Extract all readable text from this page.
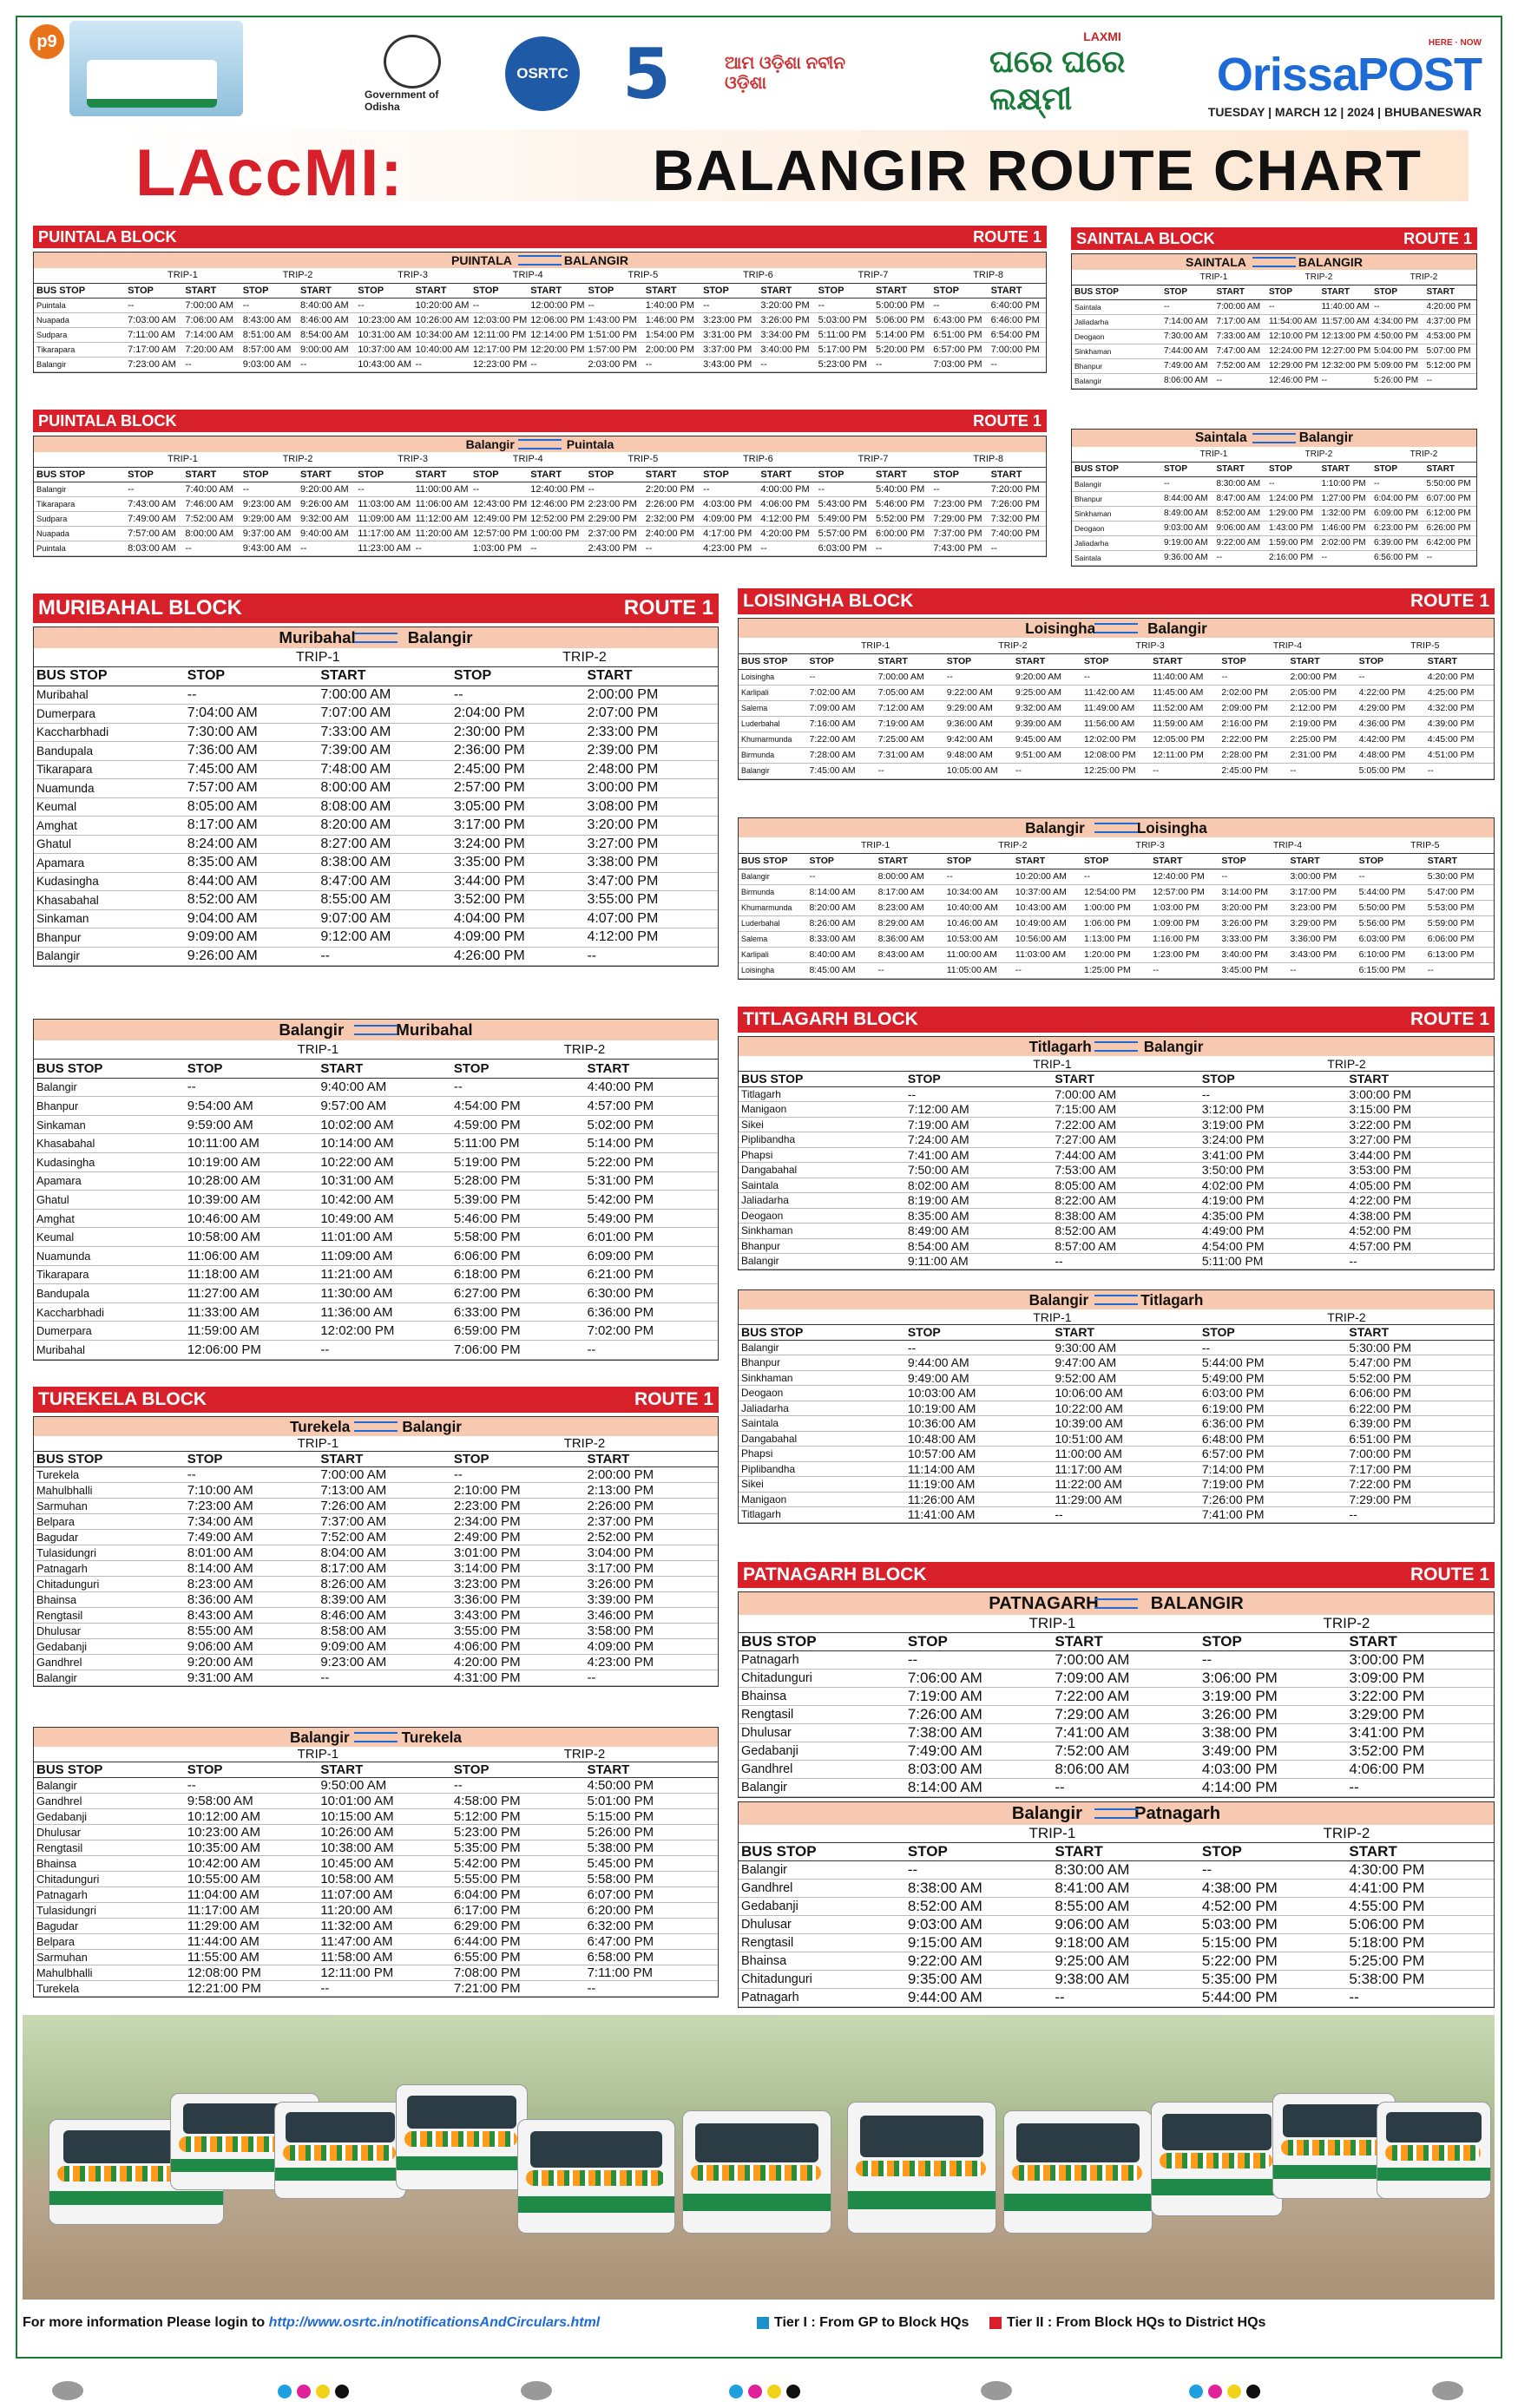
p9
Government of Odisha
OSRTC 5	ଆମ ଓଡ଼ିଶା ନବୀନ ଓଡ଼ିଶା
LAXMI
ଘରେ ଘରେ ଲକ୍ଷ୍ମୀ
HERE · NOW
OrissaPOST
TUESDAY | MARCH 12 | 2024 | BHUBANESWAR
LAccMI:	BALANGIR ROUTE CHART
PUINTALA BLOCK	ROUTE 1
PUINTALA	BALANGIR
	TRIP-1		TRIP-2		TRIP-3		TRIP-4		TRIP-5		TRIP-6		TRIP-7		TRIP-8	
BUS STOP	STOP	START	STOP	START	STOP	START	STOP	START	STOP	START	STOP	START	STOP	START	STOP	START
Puintala	--	7:00:00 AM	--	8:40:00 AM	--	10:20:00 AM	--	12:00:00 PM	--	1:40:00 PM	--	3:20:00 PM	--	5:00:00 PM	--	6:40:00 PM
Nuapada	7:03:00 AM	7:06:00 AM	8:43:00 AM	8:46:00 AM	10:23:00 AM	10:26:00 AM	12:03:00 PM	12:06:00 PM	1:43:00 PM	1:46:00 PM	3:23:00 PM	3:26:00 PM	5:03:00 PM	5:06:00 PM	6:43:00 PM	6:46:00 PM
Sudpara	7:11:00 AM	7:14:00 AM	8:51:00 AM	8:54:00 AM	10:31:00 AM	10:34:00 AM	12:11:00 PM	12:14:00 PM	1:51:00 PM	1:54:00 PM	3:31:00 PM	3:34:00 PM	5:11:00 PM	5:14:00 PM	6:51:00 PM	6:54:00 PM
Tikarapara	7:17:00 AM	7:20:00 AM	8:57:00 AM	9:00:00 AM	10:37:00 AM	10:40:00 AM	12:17:00 PM	12:20:00 PM	1:57:00 PM	2:00:00 PM	3:37:00 PM	3:40:00 PM	5:17:00 PM	5:20:00 PM	6:57:00 PM	7:00:00 PM
Balangir	7:23:00 AM	--	9:03:00 AM	--	10:43:00 AM	--	12:23:00 PM	--	2:03:00 PM	--	3:43:00 PM	--	5:23:00 PM	--	7:03:00 PM	--
PUINTALA BLOCK	ROUTE 1
Balangir	Puintala
	TRIP-1		TRIP-2		TRIP-3		TRIP-4		TRIP-5		TRIP-6		TRIP-7		TRIP-8	
BUS STOP	STOP	START	STOP	START	STOP	START	STOP	START	STOP	START	STOP	START	STOP	START	STOP	START
Balangir	--	7:40:00 AM	--	9:20:00 AM	--	11:00:00 AM	--	12:40:00 PM	--	2:20:00 PM	--	4:00:00 PM	--	5:40:00 PM	--	7:20:00 PM
Tikarapara	7:43:00 AM	7:46:00 AM	9:23:00 AM	9:26:00 AM	11:03:00 AM	11:06:00 AM	12:43:00 PM	12:46:00 PM	2:23:00 PM	2:26:00 PM	4:03:00 PM	4:06:00 PM	5:43:00 PM	5:46:00 PM	7:23:00 PM	7:26:00 PM
Sudpara	7:49:00 AM	7:52:00 AM	9:29:00 AM	9:32:00 AM	11:09:00 AM	11:12:00 AM	12:49:00 PM	12:52:00 PM	2:29:00 PM	2:32:00 PM	4:09:00 PM	4:12:00 PM	5:49:00 PM	5:52:00 PM	7:29:00 PM	7:32:00 PM
Nuapada	7:57:00 AM	8:00:00 AM	9:37:00 AM	9:40:00 AM	11:17:00 AM	11:20:00 AM	12:57:00 PM	1:00:00 PM	2:37:00 PM	2:40:00 PM	4:17:00 PM	4:20:00 PM	5:57:00 PM	6:00:00 PM	7:37:00 PM	7:40:00 PM
Puintala	8:03:00 AM	--	9:43:00 AM	--	11:23:00 AM	--	1:03:00 PM	--	2:43:00 PM	--	4:23:00 PM	--	6:03:00 PM	--	7:43:00 PM	--
SAINTALA BLOCK	ROUTE 1
SAINTALA	BALANGIR
	TRIP-1		TRIP-2		TRIP-2	
BUS STOP	STOP	START	STOP	START	STOP	START
Saintala	--	7:00:00 AM	--	11:40:00 AM	--	4:20:00 PM
Jaliadarha	7:14:00 AM	7:17:00 AM	11:54:00 AM	11:57:00 AM	4:34:00 PM	4:37:00 PM
Deogaon	7:30:00 AM	7:33:00 AM	12:10:00 PM	12:13:00 PM	4:50:00 PM	4:53:00 PM
Sinkhaman	7:44:00 AM	7:47:00 AM	12:24:00 PM	12:27:00 PM	5:04:00 PM	5:07:00 PM
Bhanpur	7:49:00 AM	7:52:00 AM	12:29:00 PM	12:32:00 PM	5:09:00 PM	5:12:00 PM
Balangir	8:06:00 AM	--	12:46:00 PM	--	5:26:00 PM	--
Saintala	Balangir
	TRIP-1		TRIP-2		TRIP-2	
BUS STOP	STOP	START	STOP	START	STOP	START
Balangir	--	8:30:00 AM	--	1:10:00 PM	--	5:50:00 PM
Bhanpur	8:44:00 AM	8:47:00 AM	1:24:00 PM	1:27:00 PM	6:04:00 PM	6:07:00 PM
Sinkhaman	8:49:00 AM	8:52:00 AM	1:29:00 PM	1:32:00 PM	6:09:00 PM	6:12:00 PM
Deogaon	9:03:00 AM	9:06:00 AM	1:43:00 PM	1:46:00 PM	6:23:00 PM	6:26:00 PM
Jaliadarha	9:19:00 AM	9:22:00 AM	1:59:00 PM	2:02:00 PM	6:39:00 PM	6:42:00 PM
Saintala	9:36:00 AM	--	2:16:00 PM	--	6:56:00 PM	--
MURIBAHAL BLOCK	ROUTE 1
Muribahal	Balangir
	TRIP-1		TRIP-2	
BUS STOP	STOP	START	STOP	START
Muribahal	--	7:00:00 AM	--	2:00:00 PM
Dumerpara	7:04:00 AM	7:07:00 AM	2:04:00 PM	2:07:00 PM
Kaccharbhadi	7:30:00 AM	7:33:00 AM	2:30:00 PM	2:33:00 PM
Bandupala	7:36:00 AM	7:39:00 AM	2:36:00 PM	2:39:00 PM
Tikarapara	7:45:00 AM	7:48:00 AM	2:45:00 PM	2:48:00 PM
Nuamunda	7:57:00 AM	8:00:00 AM	2:57:00 PM	3:00:00 PM
Keumal	8:05:00 AM	8:08:00 AM	3:05:00 PM	3:08:00 PM
Amghat	8:17:00 AM	8:20:00 AM	3:17:00 PM	3:20:00 PM
Ghatul	8:24:00 AM	8:27:00 AM	3:24:00 PM	3:27:00 PM
Apamara	8:35:00 AM	8:38:00 AM	3:35:00 PM	3:38:00 PM
Kudasingha	8:44:00 AM	8:47:00 AM	3:44:00 PM	3:47:00 PM
Khasabahal	8:52:00 AM	8:55:00 AM	3:52:00 PM	3:55:00 PM
Sinkaman	9:04:00 AM	9:07:00 AM	4:04:00 PM	4:07:00 PM
Bhanpur	9:09:00 AM	9:12:00 AM	4:09:00 PM	4:12:00 PM
Balangir	9:26:00 AM	--	4:26:00 PM	--
Balangir	Muribahal
	TRIP-1		TRIP-2	
BUS STOP	STOP	START	STOP	START
Balangir	--	9:40:00 AM	--	4:40:00 PM
Bhanpur	9:54:00 AM	9:57:00 AM	4:54:00 PM	4:57:00 PM
Sinkaman	9:59:00 AM	10:02:00 AM	4:59:00 PM	5:02:00 PM
Khasabahal	10:11:00 AM	10:14:00 AM	5:11:00 PM	5:14:00 PM
Kudasingha	10:19:00 AM	10:22:00 AM	5:19:00 PM	5:22:00 PM
Apamara	10:28:00 AM	10:31:00 AM	5:28:00 PM	5:31:00 PM
Ghatul	10:39:00 AM	10:42:00 AM	5:39:00 PM	5:42:00 PM
Amghat	10:46:00 AM	10:49:00 AM	5:46:00 PM	5:49:00 PM
Keumal	10:58:00 AM	11:01:00 AM	5:58:00 PM	6:01:00 PM
Nuamunda	11:06:00 AM	11:09:00 AM	6:06:00 PM	6:09:00 PM
Tikarapara	11:18:00 AM	11:21:00 AM	6:18:00 PM	6:21:00 PM
Bandupala	11:27:00 AM	11:30:00 AM	6:27:00 PM	6:30:00 PM
Kaccharbhadi	11:33:00 AM	11:36:00 AM	6:33:00 PM	6:36:00 PM
Dumerpara	11:59:00 AM	12:02:00 PM	6:59:00 PM	7:02:00 PM
Muribahal	12:06:00 PM	--	7:06:00 PM	--
TUREKELA BLOCK	ROUTE 1
Turekela	Balangir
	TRIP-1		TRIP-2	
BUS STOP	STOP	START	STOP	START
Turekela	--	7:00:00 AM	--	2:00:00 PM
Mahulbhalli	7:10:00 AM	7:13:00 AM	2:10:00 PM	2:13:00 PM
Sarmuhan	7:23:00 AM	7:26:00 AM	2:23:00 PM	2:26:00 PM
Belpara	7:34:00 AM	7:37:00 AM	2:34:00 PM	2:37:00 PM
Bagudar	7:49:00 AM	7:52:00 AM	2:49:00 PM	2:52:00 PM
Tulasidungri	8:01:00 AM	8:04:00 AM	3:01:00 PM	3:04:00 PM
Patnagarh	8:14:00 AM	8:17:00 AM	3:14:00 PM	3:17:00 PM
Chitadunguri	8:23:00 AM	8:26:00 AM	3:23:00 PM	3:26:00 PM
Bhainsa	8:36:00 AM	8:39:00 AM	3:36:00 PM	3:39:00 PM
Rengtasil	8:43:00 AM	8:46:00 AM	3:43:00 PM	3:46:00 PM
Dhulusar	8:55:00 AM	8:58:00 AM	3:55:00 PM	3:58:00 PM
Gedabanji	9:06:00 AM	9:09:00 AM	4:06:00 PM	4:09:00 PM
Gandhrel	9:20:00 AM	9:23:00 AM	4:20:00 PM	4:23:00 PM
Balangir	9:31:00 AM	--	4:31:00 PM	--
Balangir	Turekela
	TRIP-1		TRIP-2	
BUS STOP	STOP	START	STOP	START
Balangir	--	9:50:00 AM	--	4:50:00 PM
Gandhrel	9:58:00 AM	10:01:00 AM	4:58:00 PM	5:01:00 PM
Gedabanji	10:12:00 AM	10:15:00 AM	5:12:00 PM	5:15:00 PM
Dhulusar	10:23:00 AM	10:26:00 AM	5:23:00 PM	5:26:00 PM
Rengtasil	10:35:00 AM	10:38:00 AM	5:35:00 PM	5:38:00 PM
Bhainsa	10:42:00 AM	10:45:00 AM	5:42:00 PM	5:45:00 PM
Chitadunguri	10:55:00 AM	10:58:00 AM	5:55:00 PM	5:58:00 PM
Patnagarh	11:04:00 AM	11:07:00 AM	6:04:00 PM	6:07:00 PM
Tulasidungri	11:17:00 AM	11:20:00 AM	6:17:00 PM	6:20:00 PM
Bagudar	11:29:00 AM	11:32:00 AM	6:29:00 PM	6:32:00 PM
Belpara	11:44:00 AM	11:47:00 AM	6:44:00 PM	6:47:00 PM
Sarmuhan	11:55:00 AM	11:58:00 AM	6:55:00 PM	6:58:00 PM
Mahulbhalli	12:08:00 PM	12:11:00 PM	7:08:00 PM	7:11:00 PM
Turekela	12:21:00 PM	--	7:21:00 PM	--
LOISINGHA BLOCK	ROUTE 1
Loisingha	Balangir
	TRIP-1		TRIP-2		TRIP-3		TRIP-4		TRIP-5	
BUS STOP	STOP	START	STOP	START	STOP	START	STOP	START	STOP	START
Loisingha	--	7:00:00 AM	--	9:20:00 AM	--	11:40:00 AM	--	2:00:00 PM	--	4:20:00 PM
Karlipali	7:02:00 AM	7:05:00 AM	9:22:00 AM	9:25:00 AM	11:42:00 AM	11:45:00 AM	2:02:00 PM	2:05:00 PM	4:22:00 PM	4:25:00 PM
Salema	7:09:00 AM	7:12:00 AM	9:29:00 AM	9:32:00 AM	11:49:00 AM	11:52:00 AM	2:09:00 PM	2:12:00 PM	4:29:00 PM	4:32:00 PM
Luderbahal	7:16:00 AM	7:19:00 AM	9:36:00 AM	9:39:00 AM	11:56:00 AM	11:59:00 AM	2:16:00 PM	2:19:00 PM	4:36:00 PM	4:39:00 PM
Khumarmunda	7:22:00 AM	7:25:00 AM	9:42:00 AM	9:45:00 AM	12:02:00 PM	12:05:00 PM	2:22:00 PM	2:25:00 PM	4:42:00 PM	4:45:00 PM
Birmunda	7:28:00 AM	7:31:00 AM	9:48:00 AM	9:51:00 AM	12:08:00 PM	12:11:00 PM	2:28:00 PM	2:31:00 PM	4:48:00 PM	4:51:00 PM
Balangir	7:45:00 AM	--	10:05:00 AM	--	12:25:00 PM	--	2:45:00 PM	--	5:05:00 PM	--
Balangir	Loisingha
	TRIP-1		TRIP-2		TRIP-3		TRIP-4		TRIP-5	
BUS STOP	STOP	START	STOP	START	STOP	START	STOP	START	STOP	START
Balangir	--	8:00:00 AM	--	10:20:00 AM	--	12:40:00 PM	--	3:00:00 PM	--	5:30:00 PM
Birmunda	8:14:00 AM	8:17:00 AM	10:34:00 AM	10:37:00 AM	12:54:00 PM	12:57:00 PM	3:14:00 PM	3:17:00 PM	5:44:00 PM	5:47:00 PM
Khumarmunda	8:20:00 AM	8:23:00 AM	10:40:00 AM	10:43:00 AM	1:00:00 PM	1:03:00 PM	3:20:00 PM	3:23:00 PM	5:50:00 PM	5:53:00 PM
Luderbahal	8:26:00 AM	8:29:00 AM	10:46:00 AM	10:49:00 AM	1:06:00 PM	1:09:00 PM	3:26:00 PM	3:29:00 PM	5:56:00 PM	5:59:00 PM
Salema	8:33:00 AM	8:36:00 AM	10:53:00 AM	10:56:00 AM	1:13:00 PM	1:16:00 PM	3:33:00 PM	3:36:00 PM	6:03:00 PM	6:06:00 PM
Karlipali	8:40:00 AM	8:43:00 AM	11:00:00 AM	11:03:00 AM	1:20:00 PM	1:23:00 PM	3:40:00 PM	3:43:00 PM	6:10:00 PM	6:13:00 PM
Loisingha	8:45:00 AM	--	11:05:00 AM	--	1:25:00 PM	--	3:45:00 PM	--	6:15:00 PM	--
TITLAGARH BLOCK	ROUTE 1
Titlagarh	Balangir
	TRIP-1		TRIP-2	
BUS STOP	STOP	START	STOP	START
Titlagarh	--	7:00:00 AM	--	3:00:00 PM
Manigaon	7:12:00 AM	7:15:00 AM	3:12:00 PM	3:15:00 PM
Sikei	7:19:00 AM	7:22:00 AM	3:19:00 PM	3:22:00 PM
Piplibandha	7:24:00 AM	7:27:00 AM	3:24:00 PM	3:27:00 PM
Phapsi	7:41:00 AM	7:44:00 AM	3:41:00 PM	3:44:00 PM
Dangabahal	7:50:00 AM	7:53:00 AM	3:50:00 PM	3:53:00 PM
Saintala	8:02:00 AM	8:05:00 AM	4:02:00 PM	4:05:00 PM
Jaliadarha	8:19:00 AM	8:22:00 AM	4:19:00 PM	4:22:00 PM
Deogaon	8:35:00 AM	8:38:00 AM	4:35:00 PM	4:38:00 PM
Sinkhaman	8:49:00 AM	8:52:00 AM	4:49:00 PM	4:52:00 PM
Bhanpur	8:54:00 AM	8:57:00 AM	4:54:00 PM	4:57:00 PM
Balangir	9:11:00 AM	--	5:11:00 PM	--
Balangir	Titlagarh
	TRIP-1		TRIP-2	
BUS STOP	STOP	START	STOP	START
Balangir	--	9:30:00 AM	--	5:30:00 PM
Bhanpur	9:44:00 AM	9:47:00 AM	5:44:00 PM	5:47:00 PM
Sinkhaman	9:49:00 AM	9:52:00 AM	5:49:00 PM	5:52:00 PM
Deogaon	10:03:00 AM	10:06:00 AM	6:03:00 PM	6:06:00 PM
Jaliadarha	10:19:00 AM	10:22:00 AM	6:19:00 PM	6:22:00 PM
Saintala	10:36:00 AM	10:39:00 AM	6:36:00 PM	6:39:00 PM
Dangabahal	10:48:00 AM	10:51:00 AM	6:48:00 PM	6:51:00 PM
Phapsi	10:57:00 AM	11:00:00 AM	6:57:00 PM	7:00:00 PM
Piplibandha	11:14:00 AM	11:17:00 AM	7:14:00 PM	7:17:00 PM
Sikei	11:19:00 AM	11:22:00 AM	7:19:00 PM	7:22:00 PM
Manigaon	11:26:00 AM	11:29:00 AM	7:26:00 PM	7:29:00 PM
Titlagarh	11:41:00 AM	--	7:41:00 PM	--
PATNAGARH BLOCK	ROUTE 1
PATNAGARH	BALANGIR
	TRIP-1		TRIP-2	
BUS STOP	STOP	START	STOP	START
Patnagarh	--	7:00:00 AM	--	3:00:00 PM
Chitadunguri	7:06:00 AM	7:09:00 AM	3:06:00 PM	3:09:00 PM
Bhainsa	7:19:00 AM	7:22:00 AM	3:19:00 PM	3:22:00 PM
Rengtasil	7:26:00 AM	7:29:00 AM	3:26:00 PM	3:29:00 PM
Dhulusar	7:38:00 AM	7:41:00 AM	3:38:00 PM	3:41:00 PM
Gedabanji	7:49:00 AM	7:52:00 AM	3:49:00 PM	3:52:00 PM
Gandhrel	8:03:00 AM	8:06:00 AM	4:03:00 PM	4:06:00 PM
Balangir	8:14:00 AM	--	4:14:00 PM	--
Balangir	Patnagarh
	TRIP-1		TRIP-2	
BUS STOP	STOP	START	STOP	START
Balangir	--	8:30:00 AM	--	4:30:00 PM
Gandhrel	8:38:00 AM	8:41:00 AM	4:38:00 PM	4:41:00 PM
Gedabanji	8:52:00 AM	8:55:00 AM	4:52:00 PM	4:55:00 PM
Dhulusar	9:03:00 AM	9:06:00 AM	5:03:00 PM	5:06:00 PM
Rengtasil	9:15:00 AM	9:18:00 AM	5:15:00 PM	5:18:00 PM
Bhainsa	9:22:00 AM	9:25:00 AM	5:22:00 PM	5:25:00 PM
Chitadunguri	9:35:00 AM	9:38:00 AM	5:35:00 PM	5:38:00 PM
Patnagarh	9:44:00 AM	--	5:44:00 PM	--
For more information Please login to http://www.osrtc.in/notificationsAndCirculars.html	Tier I : From GP to Block HQs	Tier II : From Block HQs to District HQs
